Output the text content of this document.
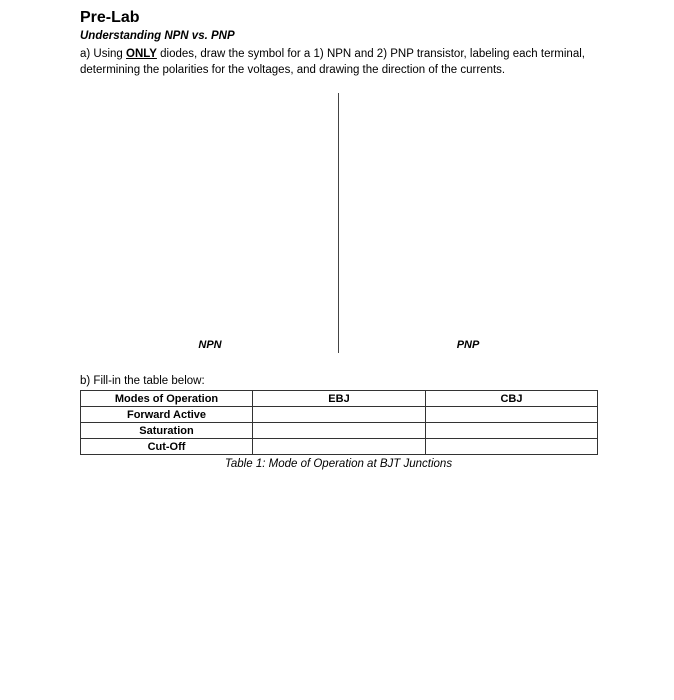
Pre-Lab
Understanding NPN vs. PNP
a) Using ONLY diodes, draw the symbol for a 1) NPN and 2) PNP transistor, labeling each terminal, determining the polarities for the voltages, and drawing the direction of the currents.
NPN	PNP
b) Fill-in the table below:
Modes of Operation	EBJ	CBJ
Forward Active		
Saturation		
Cut-Off		
Table 1: Mode of Operation at BJT Junctions
